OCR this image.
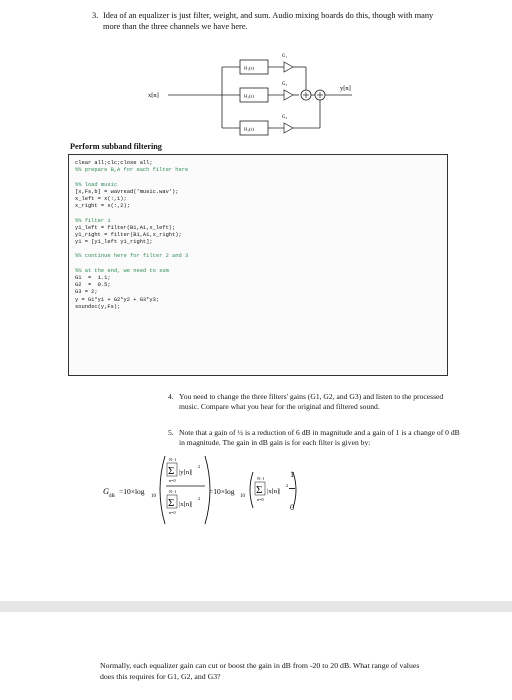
3. Idea of an equalizer is just filter, weight, and sum. Audio mixing boards do this, though with many more than the three channels we have here.
x[n]
H₁(z)
H₂(z)
H₃(z)
G₁
G₂
G₃
y[n]
Perform subband filtering
clear all;clc;close all;
%% prepare B,A for each filter here
%% load music
[x,Fs,b] = wavread('music.wav');
x_left = x(:,1);
x_right = x(:,2);
%% filter 1
y1_left = filter(B1,A1,x_left);
y1_right = filter(B1,A1,x_right);
y1 = [y1_left y1_right];
%% continue here for filter 2 and 3
%% at the end, we need to sum
G1  =  1.1;
G2  =  0.5;
G3 = 2;
y = G1*y1 + G2*y2 + G3*y3;
soundsc(y,Fs);
4. You need to change the three filters' gains (G1, G2, and G3) and listen to the processed music. Compare what you hear for the original and filtered sound.
5. Note that a gain of ½ is a reduction of 6 dB in magnitude and a gain of 1 is a change of 0 dB in magnitude. The gain in dB gain is for each filter is given by:
G
dB
=10×log
10
N−1
Σ
n=0
|y[n]|
2
N−1
Σ
n=0
|x[n]|
2
=10×log
10
N−1
Σ
n=0
|x[n]|
2
1
0
Normally, each equalizer gain can cut or boost the gain in dB from -20 to 20 dB. What range of values does this requires for G1, G2, and G3?
